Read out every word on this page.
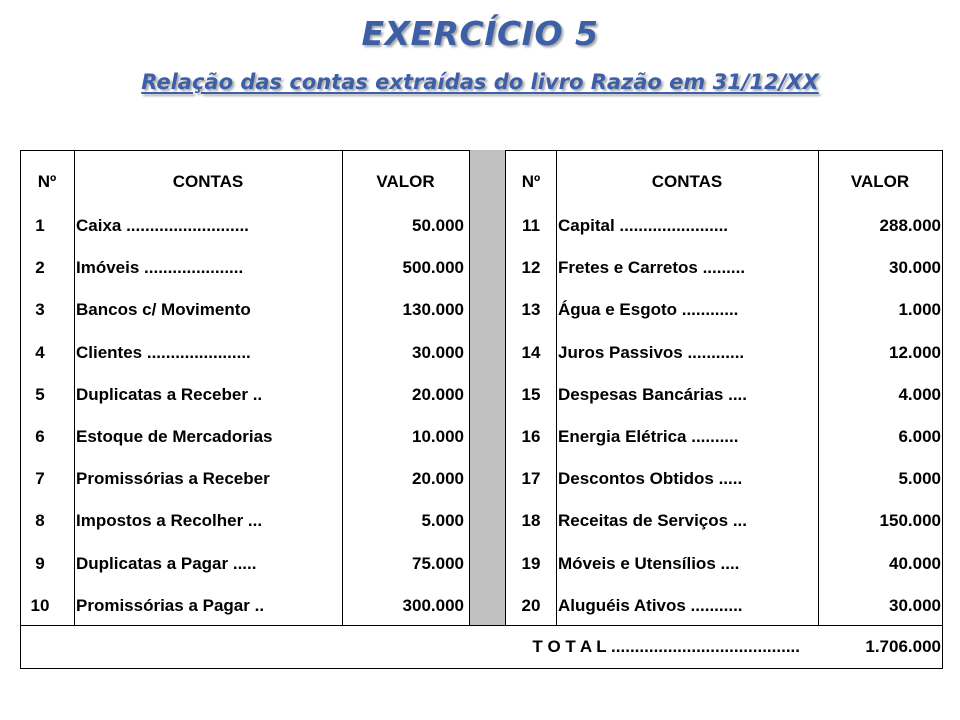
EXERCÍCIO 5
Relação das contas extraídas do livro Razão em 31/12/XX
Nº	CONTAS	VALOR	Nº	CONTAS	VALOR
1	Caixa ..........................	50.000	11	Capital .......................	288.000
2	Imóveis .....................	500.000	12	Fretes e Carretos .........	30.000
3	Bancos c/ Movimento	130.000	13	Água e Esgoto ............	1.000
4	Clientes ......................	30.000	14	Juros Passivos ............	12.000
5	Duplicatas a Receber ..	20.000	15	Despesas Bancárias ....	4.000
6	Estoque de Mercadorias	10.000	16	Energia Elétrica ..........	6.000
7	Promissórias a Receber	20.000	17	Descontos Obtidos .....	5.000
8	Impostos a Recolher ...	5.000	18	Receitas de Serviços ...	150.000
9	Duplicatas a Pagar .....	75.000	19	Móveis e Utensílios ....	40.000
10	Promissórias a Pagar ..	300.000	20	Aluguéis Ativos ...........	30.000
T O T A L ........................................	1.706.000
